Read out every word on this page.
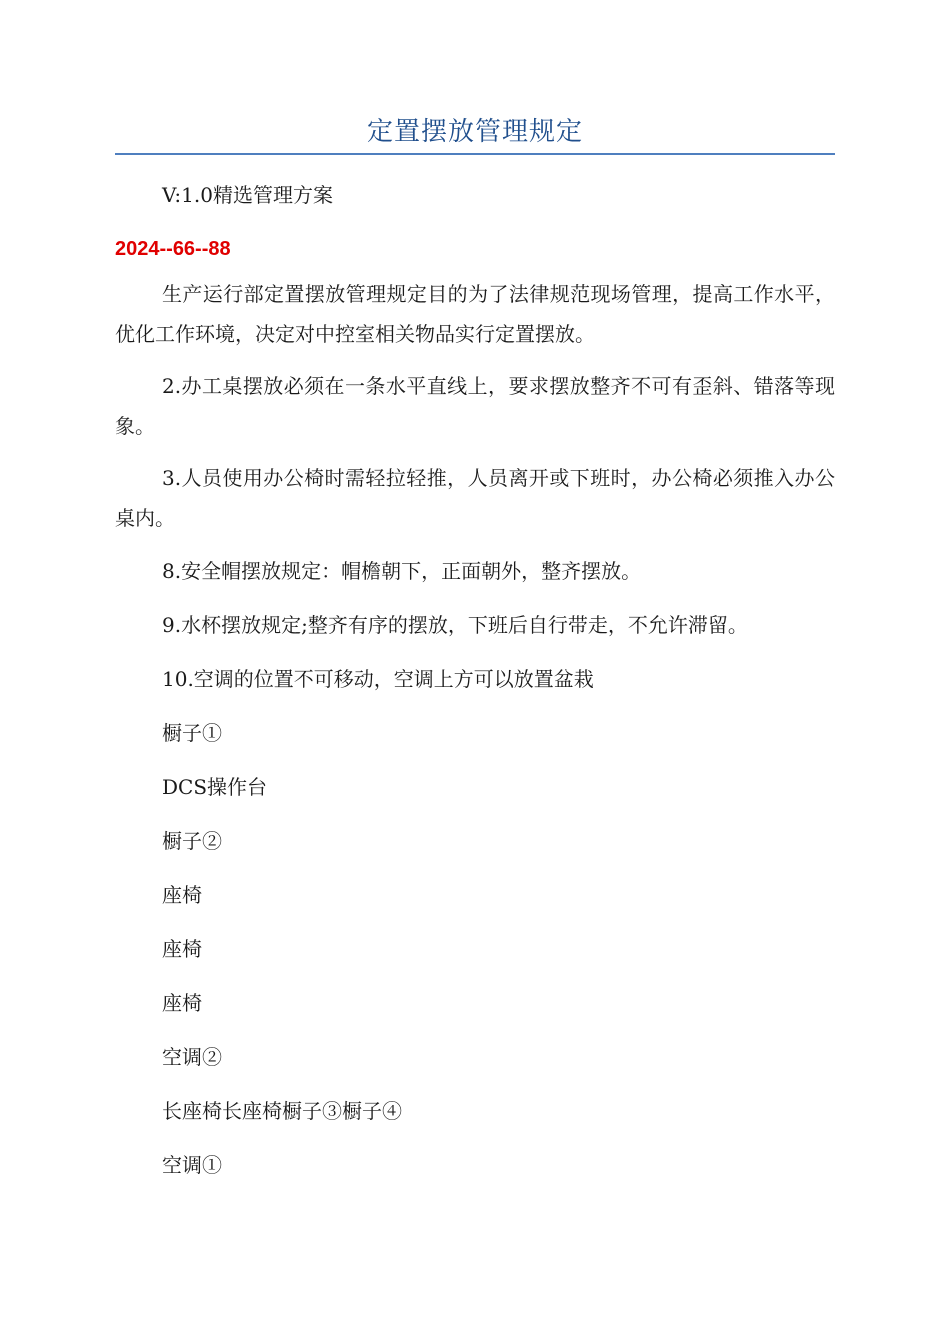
定置摆放管理规定
V:1.0精选管理方案
2024--66--88

生产运行部定置摆放管理规定目的为了法律规范现场管理，提高工作水平，优化工作环境，决定对中控室相关物品实行定置摆放。

2.办工桌摆放必须在一条水平直线上，要求摆放整齐不可有歪斜、错落等现象。

3.人员使用办公椅时需轻拉轻推，人员离开或下班时，办公椅必须推入办公桌内。

8.安全帽摆放规定：帽檐朝下，正面朝外，整齐摆放。

9.水杯摆放规定;整齐有序的摆放，下班后自行带走，不允许滞留。

10.空调的位置不可移动，空调上方可以放置盆栽

橱子①

DCS操作台

橱子②

座椅

座椅

座椅

空调②

长座椅长座椅橱子③橱子④

空调①
